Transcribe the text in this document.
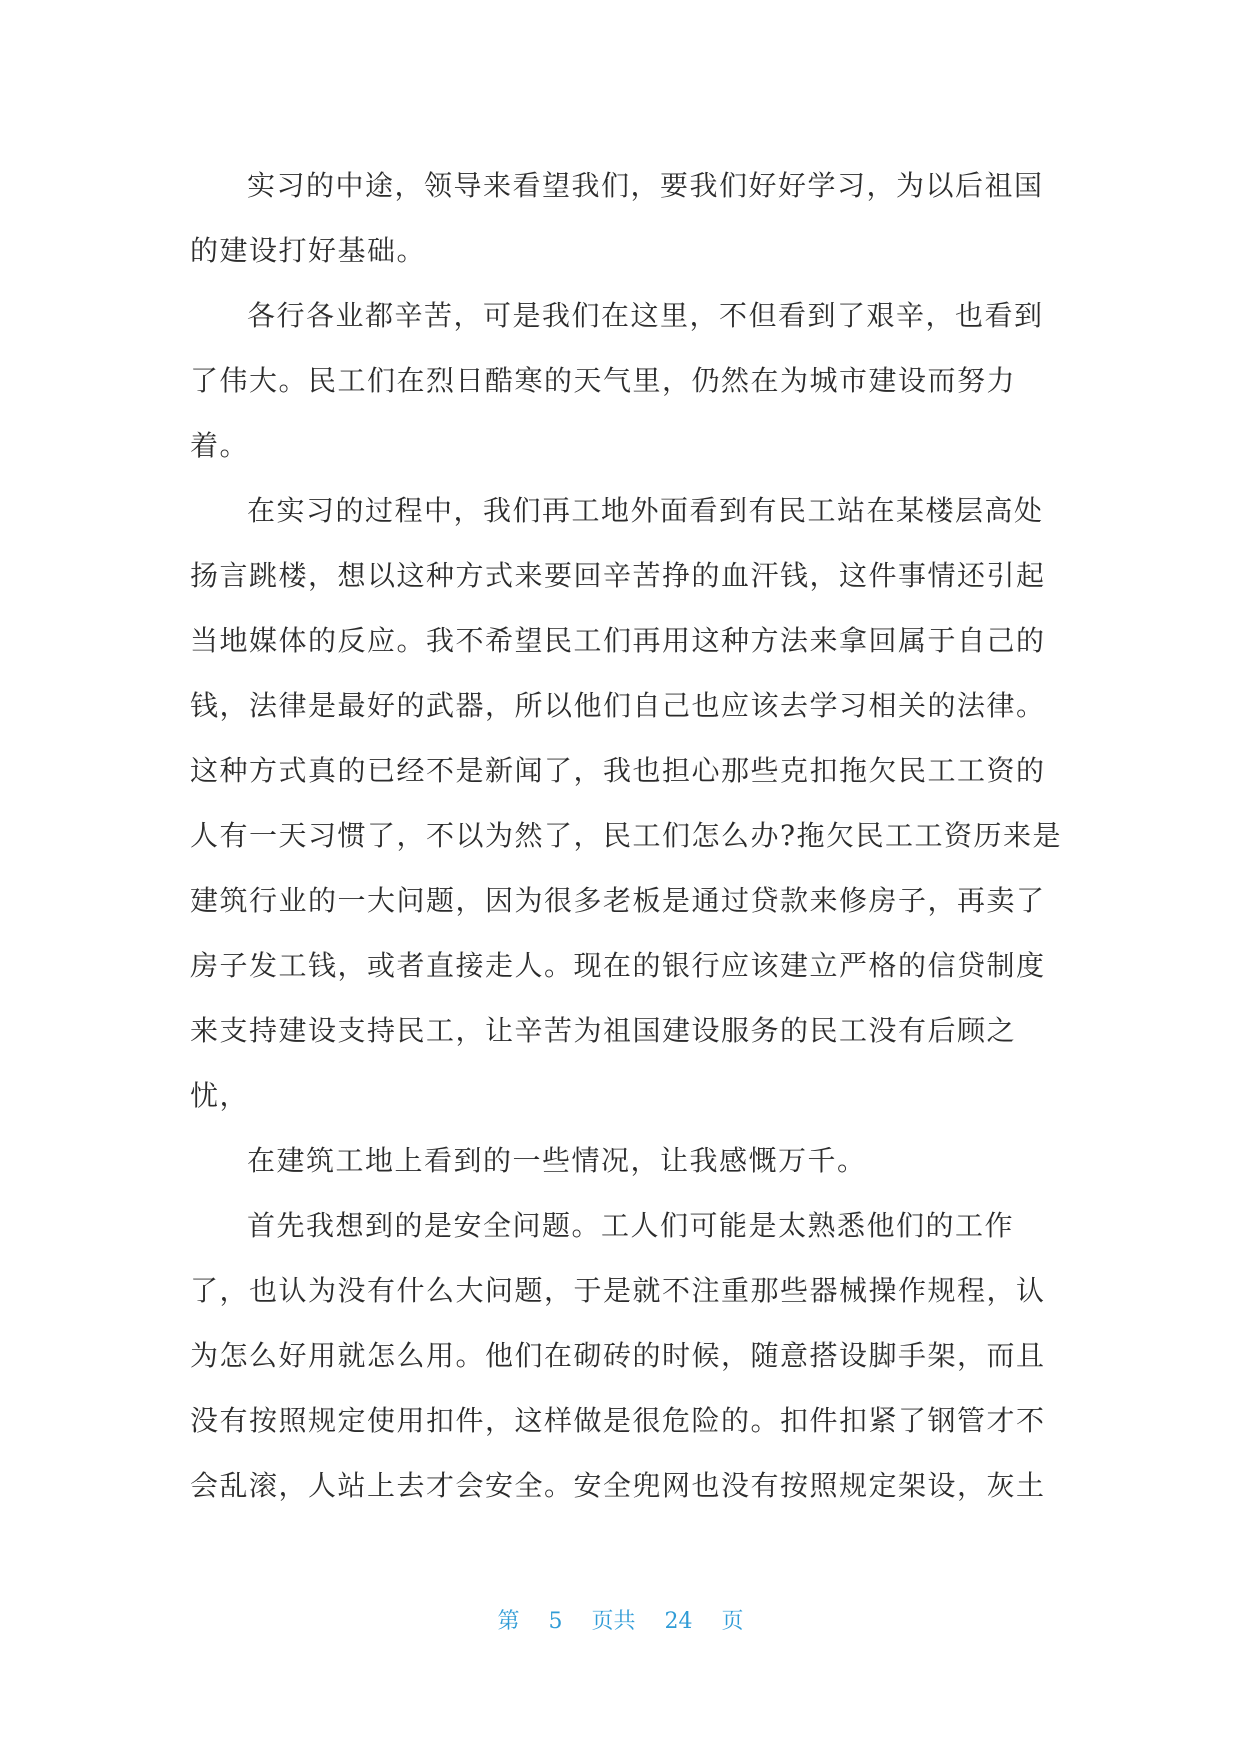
实习的中途，领导来看望我们，要我们好好学习，为以后祖国
的建设打好基础。
各行各业都辛苦，可是我们在这里，不但看到了艰辛，也看到
了伟大。民工们在烈日酷寒的天气里，仍然在为城市建设而努力
着。
在实习的过程中，我们再工地外面看到有民工站在某楼层高处
扬言跳楼，想以这种方式来要回辛苦挣的血汗钱，这件事情还引起
当地媒体的反应。我不希望民工们再用这种方法来拿回属于自己的
钱，法律是最好的武器，所以他们自己也应该去学习相关的法律。
这种方式真的已经不是新闻了，我也担心那些克扣拖欠民工工资的
人有一天习惯了，不以为然了，民工们怎么办?拖欠民工工资历来是
建筑行业的一大问题，因为很多老板是通过贷款来修房子，再卖了
房子发工钱，或者直接走人。现在的银行应该建立严格的信贷制度
来支持建设支持民工，让辛苦为祖国建设服务的民工没有后顾之
忧，
在建筑工地上看到的一些情况，让我感慨万千。
首先我想到的是安全问题。工人们可能是太熟悉他们的工作
了，也认为没有什么大问题，于是就不注重那些器械操作规程，认
为怎么好用就怎么用。他们在砌砖的时候，随意搭设脚手架，而且
没有按照规定使用扣件，这样做是很危险的。扣件扣紧了钢管才不
会乱滚，人站上去才会安全。安全兜网也没有按照规定架设，灰土
第 5 页共 24 页
